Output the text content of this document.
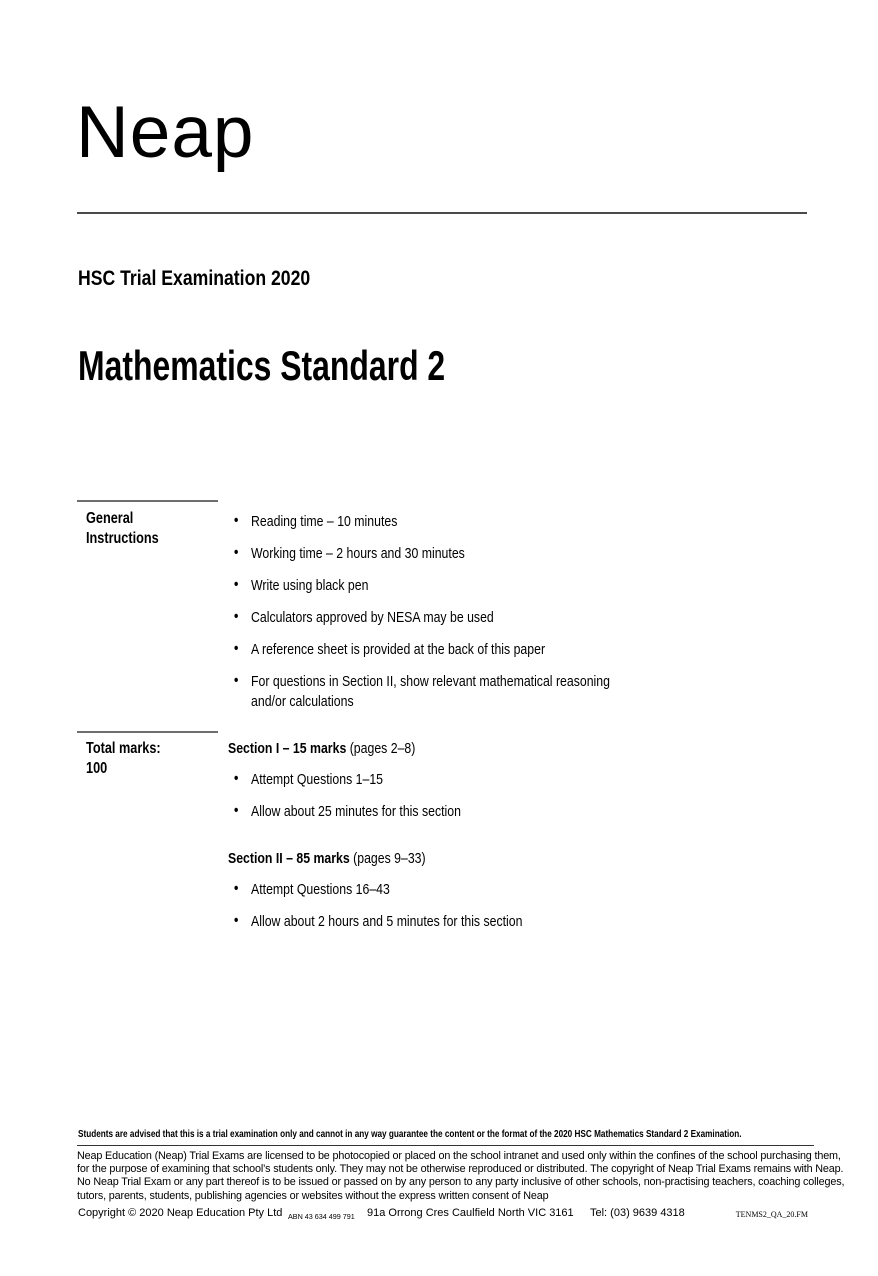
Neap
HSC Trial Examination 2020
Mathematics Standard 2
General
Instructions
• Reading time – 10 minutes
• Working time – 2 hours and 30 minutes
• Write using black pen
• Calculators approved by NESA may be used
• A reference sheet is provided at the back of this paper
• For questions in Section II, show relevant mathematical reasoning
and/or calculations
Total marks:
100
Section I – 15 marks (pages 2–8)
• Attempt Questions 1–15
• Allow about 25 minutes for this section
Section II – 85 marks (pages 9–33)
• Attempt Questions 16–43
• Allow about 2 hours and 5 minutes for this section
Students are advised that this is a trial examination only and cannot in any way guarantee the content or the format of the 2020 HSC Mathematics Standard 2 Examination.
Neap Education (Neap) Trial Exams are licensed to be photocopied or placed on the school intranet and used only within the confines of the school purchasing them,
for the purpose of examining that school’s students only. They may not be otherwise reproduced or distributed. The copyright of Neap Trial Exams remains with Neap.
No Neap Trial Exam or any part thereof is to be issued or passed on by any person to any party inclusive of other schools, non-practising teachers, coaching colleges,
tutors, parents, students, publishing agencies or websites without the express written consent of Neap
Copyright © 2020 Neap Education Pty Ltd ABN 43 634 499 791 91a Orrong Cres Caulfield North VIC 3161 Tel: (03) 9639 4318	TENMS2_QA_20.FM
